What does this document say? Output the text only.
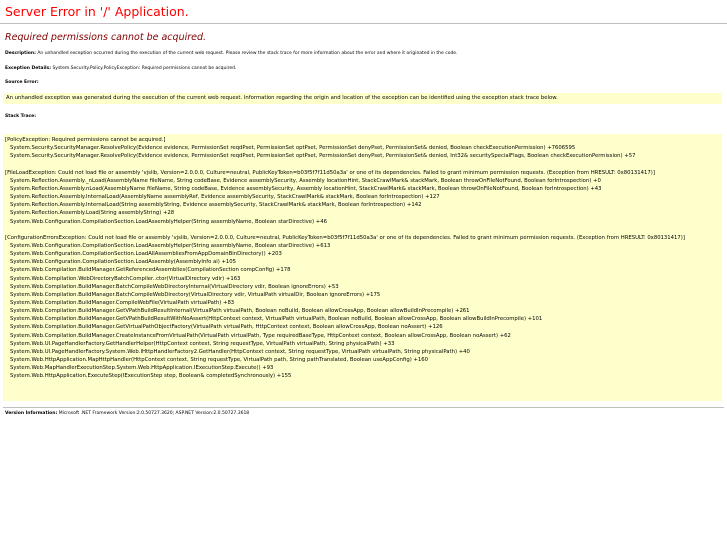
Server Error in '/' Application.
Required permissions cannot be acquired.
Description: An unhandled exception occurred during the execution of the current web request. Please review the stack trace for more information about the error and where it originated in the code.
Exception Details: System.Security.Policy.PolicyException: Required permissions cannot be acquired.
Source Error:

An unhandled exception was generated during the execution of the current web request. Information regarding the origin and location of the exception can be identified using the exception stack trace below.

Stack Trace:
[PolicyException: Required permissions cannot be acquired.]
System.Security.SecurityManager.ResolvePolicy(Evidence evidence, PermissionSet reqdPset, PermissionSet optPset, PermissionSet denyPset, PermissionSet& denied, Boolean checkExecutionPermission) +7606595
System.Security.SecurityManager.ResolvePolicy(Evidence evidence, PermissionSet reqdPset, PermissionSet optPset, PermissionSet denyPset, PermissionSet& denied, Int32& securitySpecialFlags, Boolean checkExecutionPermission) +57
[FileLoadException: Could not load file or assembly 'vjslib, Version=2.0.0.0, Culture=neutral, PublicKeyToken=b03f5f7f11d50a3a' or one of its dependencies. Failed to grant minimum permission requests. (Exception from HRESULT: 0x80131417)]
System.Reflection.Assembly._nLoad(AssemblyName fileName, String codeBase, Evidence assemblySecurity, Assembly locationHint, StackCrawlMark& stackMark, Boolean throwOnFileNotFound, Boolean forIntrospection) +0
System.Reflection.Assembly.nLoad(AssemblyName fileName, String codeBase, Evidence assemblySecurity, Assembly locationHint, StackCrawlMark& stackMark, Boolean throwOnFileNotFound, Boolean forIntrospection) +43
System.Reflection.Assembly.InternalLoad(AssemblyName assemblyRef, Evidence assemblySecurity, StackCrawlMark& stackMark, Boolean forIntrospection) +127
System.Reflection.Assembly.InternalLoad(String assemblyString, Evidence assemblySecurity, StackCrawlMark& stackMark, Boolean forIntrospection) +142
System.Reflection.Assembly.Load(String assemblyString) +28
System.Web.Configuration.CompilationSection.LoadAssemblyHelper(String assemblyName, Boolean starDirective) +46
[ConfigurationErrorsException: Could not load file or assembly 'vjslib, Version=2.0.0.0, Culture=neutral, PublicKeyToken=b03f5f7f11d50a3a' or one of its dependencies. Failed to grant minimum permission requests. (Exception from HRESULT: 0x80131417)]
System.Web.Configuration.CompilationSection.LoadAssemblyHelper(String assemblyName, Boolean starDirective) +613
System.Web.Configuration.CompilationSection.LoadAllAssembliesFromAppDomainBinDirectory() +203
System.Web.Configuration.CompilationSection.LoadAssembly(AssemblyInfo ai) +105
System.Web.Compilation.BuildManager.GetReferencedAssemblies(CompilationSection compConfig) +178
System.Web.Compilation.WebDirectoryBatchCompiler..ctor(VirtualDirectory vdir) +163
System.Web.Compilation.BuildManager.BatchCompileWebDirectoryInternal(VirtualDirectory vdir, Boolean ignoreErrors) +53
System.Web.Compilation.BuildManager.BatchCompileWebDirectory(VirtualDirectory vdir, VirtualPath virtualDir, Boolean ignoreErrors) +175
System.Web.Compilation.BuildManager.CompileWebFile(VirtualPath virtualPath) +83
System.Web.Compilation.BuildManager.GetVPathBuildResultInternal(VirtualPath virtualPath, Boolean noBuild, Boolean allowCrossApp, Boolean allowBuildInPrecompile) +261
System.Web.Compilation.BuildManager.GetVPathBuildResultWithNoAssert(HttpContext context, VirtualPath virtualPath, Boolean noBuild, Boolean allowCrossApp, Boolean allowBuildInPrecompile) +101
System.Web.Compilation.BuildManager.GetVirtualPathObjectFactory(VirtualPath virtualPath, HttpContext context, Boolean allowCrossApp, Boolean noAssert) +126
System.Web.Compilation.BuildManager.CreateInstanceFromVirtualPath(VirtualPath virtualPath, Type requiredBaseType, HttpContext context, Boolean allowCrossApp, Boolean noAssert) +62
System.Web.UI.PageHandlerFactory.GetHandlerHelper(HttpContext context, String requestType, VirtualPath virtualPath, String physicalPath) +33
System.Web.UI.PageHandlerFactory.System.Web.IHttpHandlerFactory2.GetHandler(HttpContext context, String requestType, VirtualPath virtualPath, String physicalPath) +40
System.Web.HttpApplication.MapHttpHandler(HttpContext context, String requestType, VirtualPath path, String pathTranslated, Boolean useAppConfig) +160
System.Web.MapHandlerExecutionStep.System.Web.HttpApplication.IExecutionStep.Execute() +93
System.Web.HttpApplication.ExecuteStep(IExecutionStep step, Boolean& completedSynchronously) +155
Version Information: Microsoft .NET Framework Version:2.0.50727.3620; ASP.NET Version:2.0.50727.3618
